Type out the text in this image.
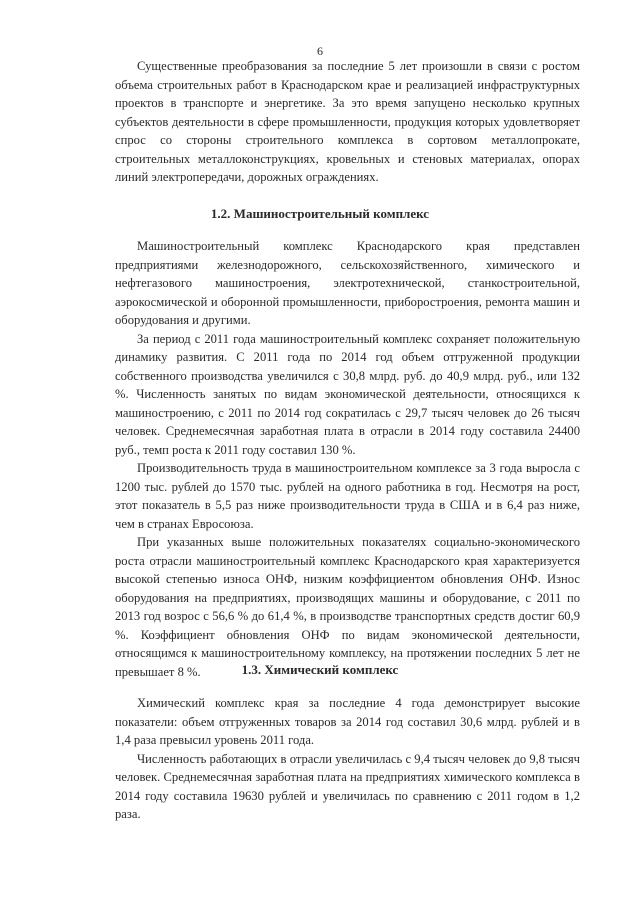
6

Существенные преобразования за последние 5 лет произошли в связи с ростом объема строительных работ в Краснодарском крае и реализацией инфраструктурных проектов в транспорте и энергетике. За это время запущено несколько крупных субъектов деятельности в сфере промышленности, продукция которых удовлетворяет спрос со стороны строительного комплекса в сортовом металлопрокате, строительных металлоконструкциях, кровельных и стеновых материалах, опорах линий электропередачи, дорожных ограждениях.

1.2. Машиностроительный комплекс

Машиностроительный комплекс Краснодарского края представлен предприятиями железнодорожного, сельскохозяйственного, химического и нефтегазового машиностроения, электротехнической, станкостроительной, аэрокосмической и оборонной промышленности, приборостроения, ремонта машин и оборудования и другими.

За период с 2011 года машиностроительный комплекс сохраняет положительную динамику развития. С 2011 года по 2014 год объем отгруженной продукции собственного производства увеличился с 30,8 млрд. руб. до 40,9 млрд. руб., или 132 %. Численность занятых по видам экономической деятельности, относящихся к машиностроению, с 2011 по 2014 год сократилась с 29,7 тысяч человек до 26 тысяч человек. Среднемесячная заработная плата в отрасли в 2014 году составила 24400 руб., темп роста к 2011 году составил 130 %.

Производительность труда в машиностроительном комплексе за 3 года выросла с 1200 тыс. рублей до 1570 тыс. рублей на одного работника в год. Несмотря на рост, этот показатель в 5,5 раз ниже производительности труда в США и в 6,4 раз ниже, чем в странах Евросоюза.

При указанных выше положительных показателях социально-экономического роста отрасли машиностроительный комплекс Краснодарского края характеризуется высокой степенью износа ОНФ, низким коэффициентом обновления ОНФ. Износ оборудования на предприятиях, производящих машины и оборудование, с 2011 по 2013 год возрос с 56,6 % до 61,4 %, в производстве транспортных средств достиг 60,9 %. Коэффициент обновления ОНФ по видам экономической деятельности, относящимся к машиностроительному комплексу, на протяжении последних 5 лет не превышает 8 %.	1.3. Химический комплекс

Химический комплекс края за последние 4 года демонстрирует высокие показатели: объем отгруженных товаров за 2014 год составил 30,6 млрд. рублей и в 1,4 раза превысил уровень 2011 года.

Численность работающих в отрасли увеличилась с 9,4 тысяч человек до 9,8 тысяч человек. Среднемесячная заработная плата на предприятиях химического комплекса в 2014 году составила 19630 рублей и увеличилась по сравнению с 2011 годом в 1,2 раза.
